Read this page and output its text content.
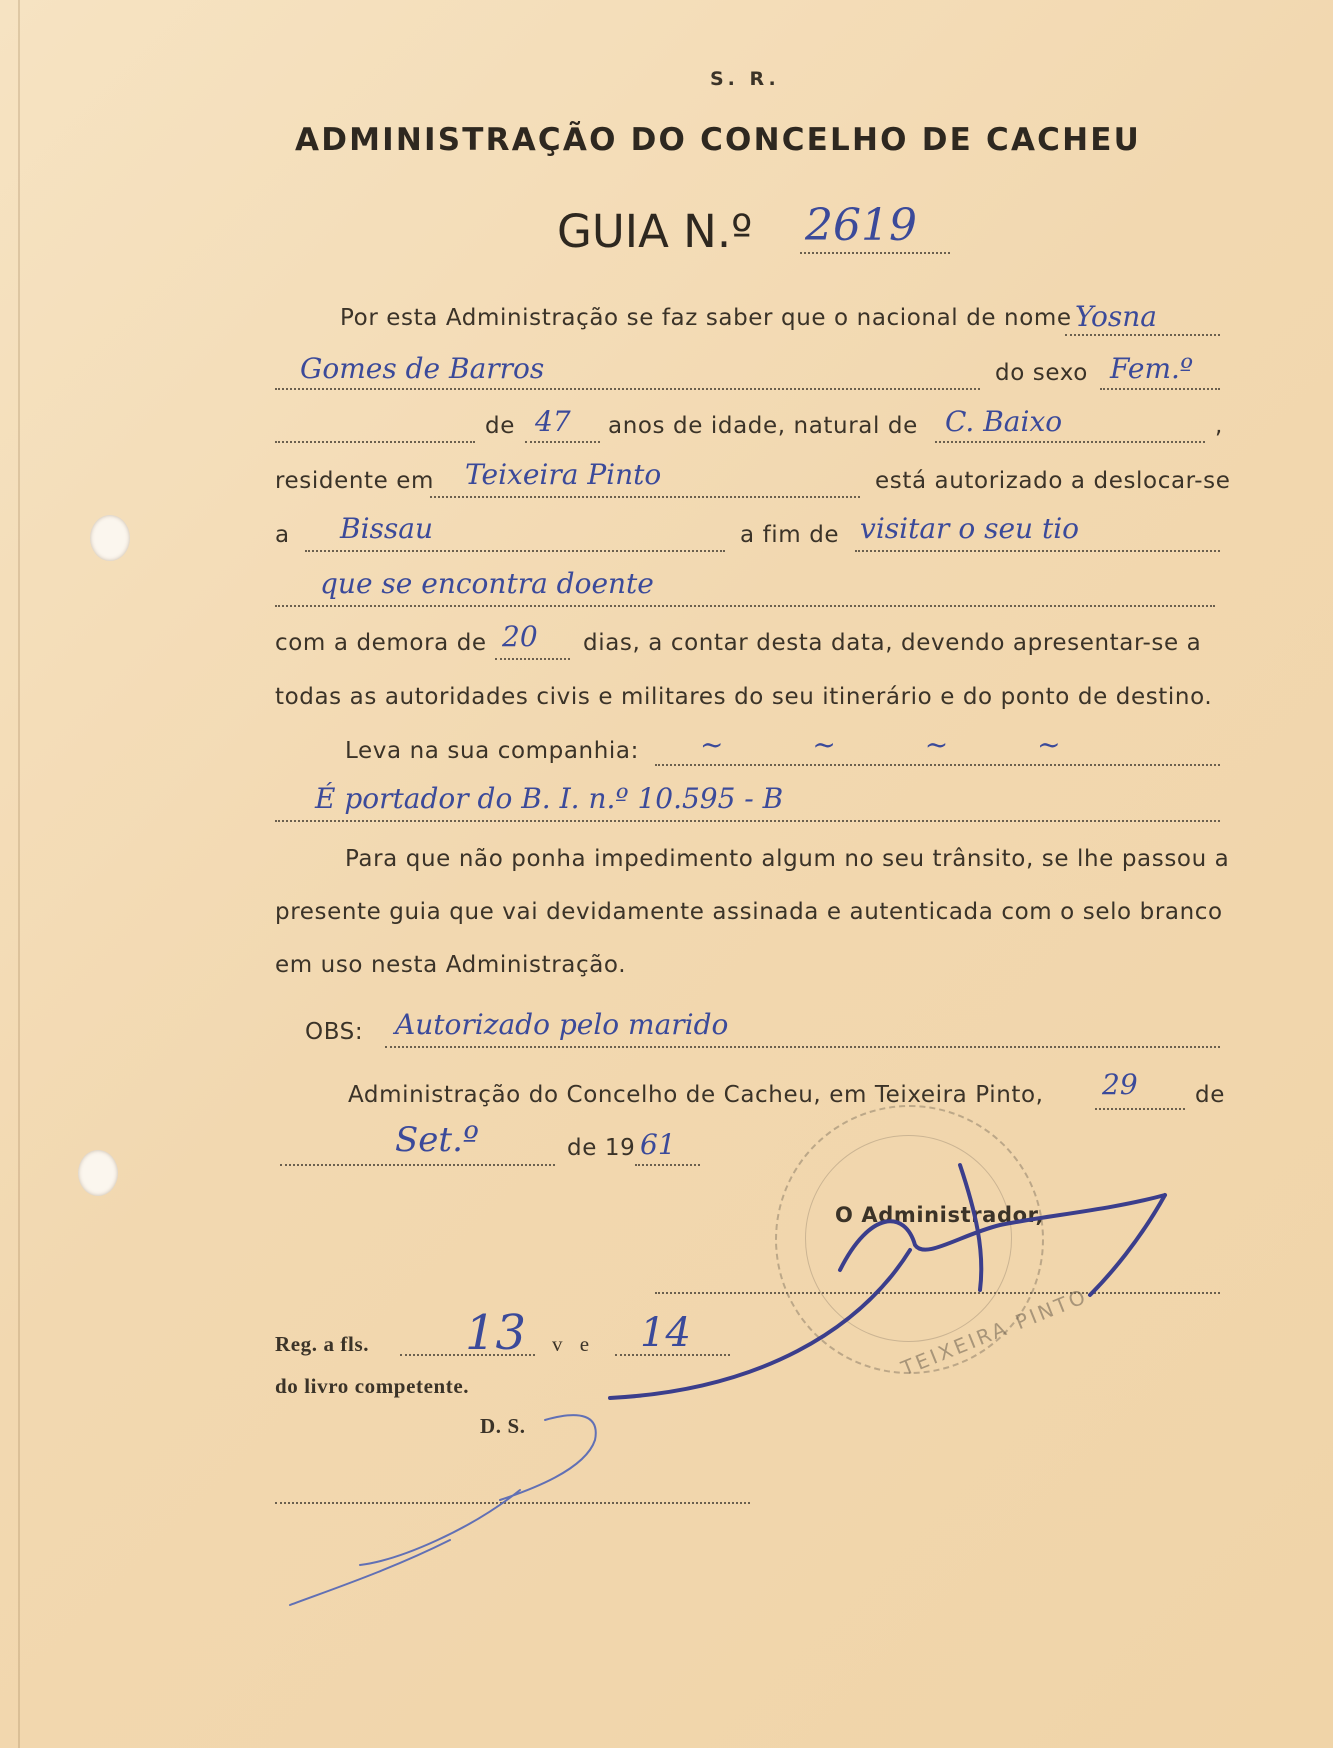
S. R.
ADMINISTRAÇÃO DO CONCELHO DE CACHEU
GUIA N.º 2619
Por esta Administração se faz saber que o nacional de nome Yosna
Gomes de Barros	do sexo Fem.º
de 47 anos de idade, natural de C. Baixo	,
residente em Teixeira Pinto	está autorizado a deslocar-se
a Bissau	a fim de visitar o seu tio
que se encontra doente
com a demora de 20 dias, a contar desta data, devendo apresentar-se a
todas as autoridades civis e militares do seu itinerário e do ponto de destino.
Leva na sua companhia: ~ ~ ~ ~
É portador do B. I. n.º 10.595 - B
Para que não ponha impedimento algum no seu trânsito, se lhe passou a
presente guia que vai devidamente assinada e autenticada com o selo branco
em uso nesta Administração.
OBS: Autorizado pelo marido
Administração do Concelho de Cacheu, em Teixeira Pinto, 29 de
Set.º	de 19 61
TEIXEIRA PINTO
O Administrador,
Reg. a fls. 13 v e 14
do livro competente.
D. S.
